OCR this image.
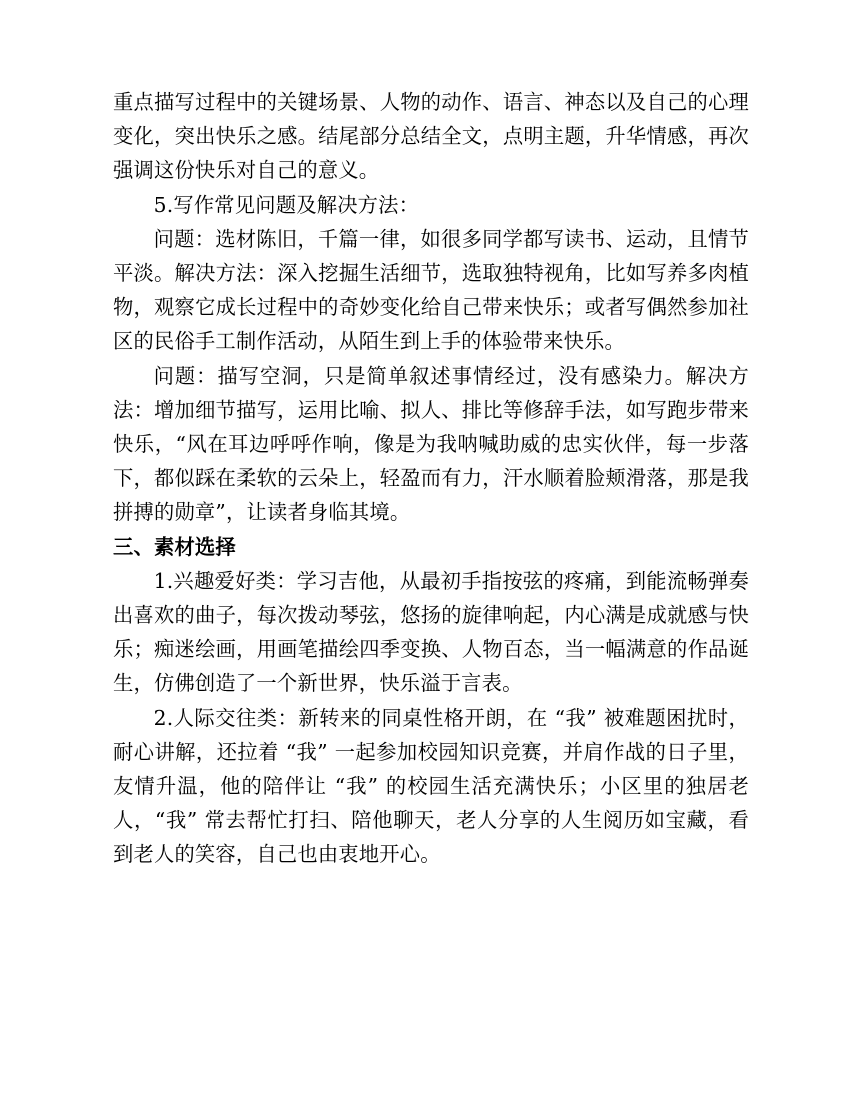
重点描写过程中的关键场景、人物的动作、语言、神态以及自己的心理变化，突出快乐之感。结尾部分总结全文，点明主题，升华情感，再次强调这份快乐对自己的意义。

5.写作常见问题及解决方法：

问题：选材陈旧，千篇一律，如很多同学都写读书、运动，且情节平淡。解决方法：深入挖掘生活细节，选取独特视角，比如写养多肉植物，观察它成长过程中的奇妙变化给自己带来快乐；或者写偶然参加社区的民俗手工制作活动，从陌生到上手的体验带来快乐。

问题：描写空洞，只是简单叙述事情经过，没有感染力。解决方法：增加细节描写，运用比喻、拟人、排比等修辞手法，如写跑步带来快乐，“风在耳边呼呼作响，像是为我呐喊助威的忠实伙伴，每一步落下，都似踩在柔软的云朵上，轻盈而有力，汗水顺着脸颊滑落，那是我拼搏的勋章”，让读者身临其境。

三、素材选择

1.兴趣爱好类：学习吉他，从最初手指按弦的疼痛，到能流畅弹奏出喜欢的曲子，每次拨动琴弦，悠扬的旋律响起，内心满是成就感与快乐；痴迷绘画，用画笔描绘四季变换、人物百态，当一幅满意的作品诞生，仿佛创造了一个新世界，快乐溢于言表。

2.人际交往类：新转来的同桌性格开朗，在 “我” 被难题困扰时，耐心讲解，还拉着 “我” 一起参加校园知识竞赛，并肩作战的日子里，友情升温，他的陪伴让 “我” 的校园生活充满快乐；小区里的独居老人，“我” 常去帮忙打扫、陪他聊天，老人分享的人生阅历如宝藏，看到老人的笑容，自己也由衷地开心。
